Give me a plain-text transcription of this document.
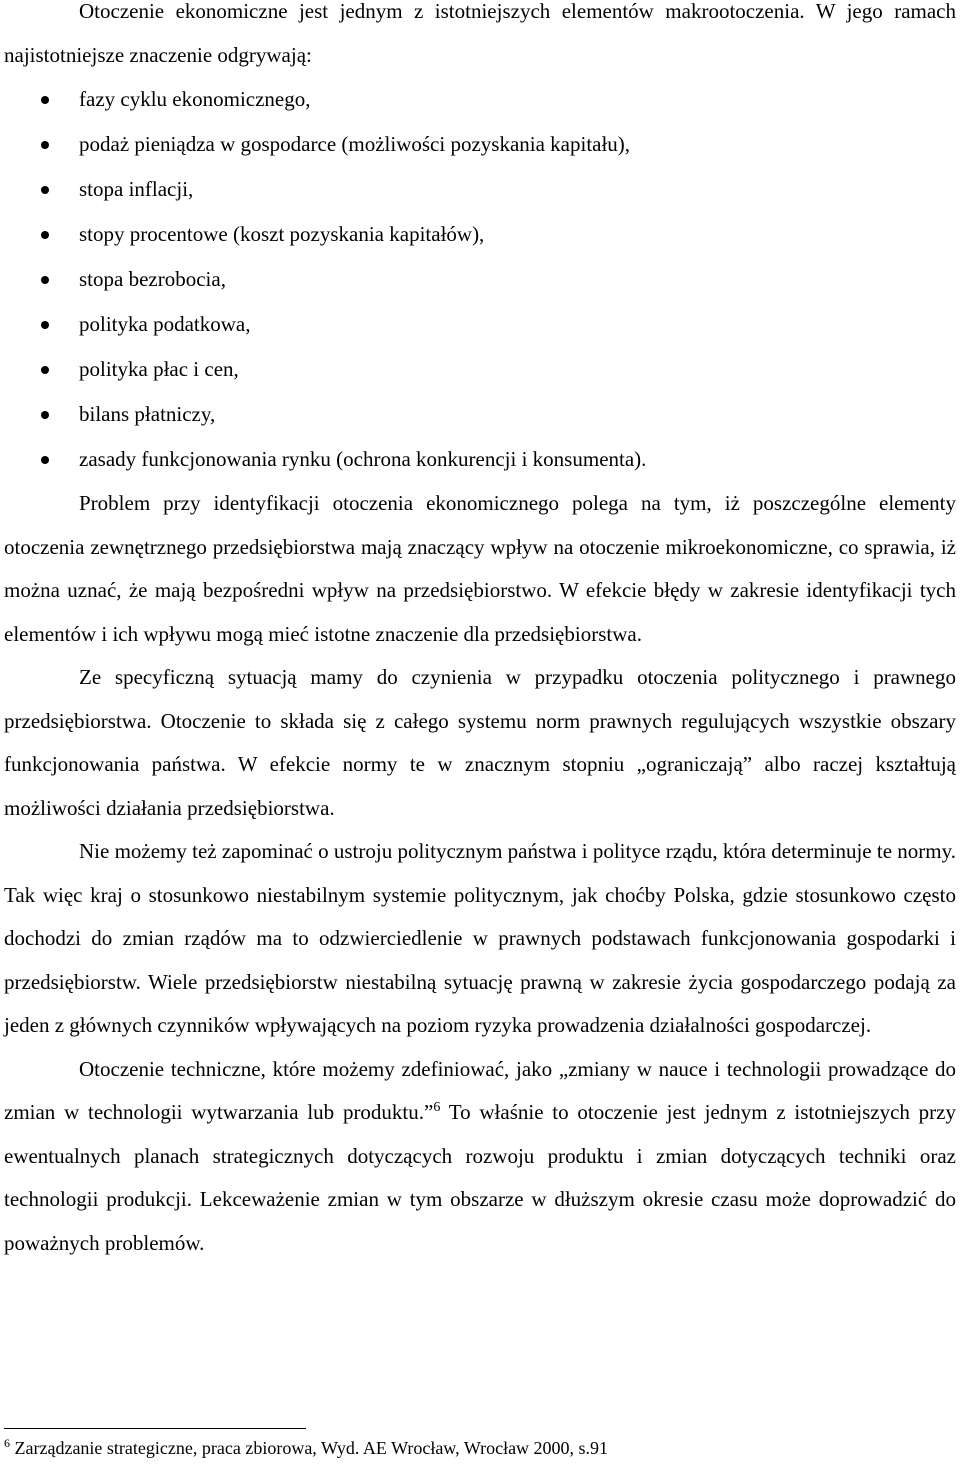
Otoczenie ekonomiczne jest jednym z istotniejszych elementów makrootoczenia. W jego ramach najistotniejsze znaczenie odgrywają:

fazy cyklu ekonomicznego,
podaż pieniądza w gospodarce (możliwości pozyskania kapitału),
stopa inflacji,
stopy procentowe (koszt pozyskania kapitałów),
stopa bezrobocia,
polityka podatkowa,
polityka płac i cen,
bilans płatniczy,
zasady funkcjonowania rynku (ochrona konkurencji i konsumenta).

Problem przy identyfikacji otoczenia ekonomicznego polega na tym, iż poszczególne elementy otoczenia zewnętrznego przedsiębiorstwa mają znaczący wpływ na otoczenie mikroekonomiczne, co sprawia, iż można uznać, że mają bezpośredni wpływ na przedsiębiorstwo. W efekcie błędy w zakresie identyfikacji tych elementów i ich wpływu mogą mieć istotne znaczenie dla przedsiębiorstwa.

Ze specyficzną sytuacją mamy do czynienia w przypadku otoczenia politycznego i prawnego przedsiębiorstwa. Otoczenie to składa się z całego systemu norm prawnych regulujących wszystkie obszary funkcjonowania państwa. W efekcie normy te w znacznym stopniu „ograniczają” albo raczej kształtują możliwości działania przedsiębiorstwa.

Nie możemy też zapominać o ustroju politycznym państwa i polityce rządu, która determinuje te normy. Tak więc kraj o stosunkowo niestabilnym systemie politycznym, jak choćby Polska, gdzie stosunkowo często dochodzi do zmian rządów ma to odzwierciedlenie w prawnych podstawach funkcjonowania gospodarki i przedsiębiorstw. Wiele przedsiębiorstw niestabilną sytuację prawną w zakresie życia gospodarczego podają za jeden z głównych czynników wpływających na poziom ryzyka prowadzenia działalności gospodarczej.

Otoczenie techniczne, które możemy zdefiniować, jako „zmiany w nauce i technologii prowadzące do zmian w technologii wytwarzania lub produktu.”$^6$ To właśnie to otoczenie jest jednym z istotniejszych przy ewentualnych planach strategicznych dotyczących rozwoju produktu i zmian dotyczących techniki oraz technologii produkcji. Lekceważenie zmian w tym obszarze w dłuższym okresie czasu może doprowadzić do poważnych problemów.

$^6$ Zarządzanie strategiczne, praca zbiorowa, Wyd. AE Wrocław, Wrocław 2000, s.91
